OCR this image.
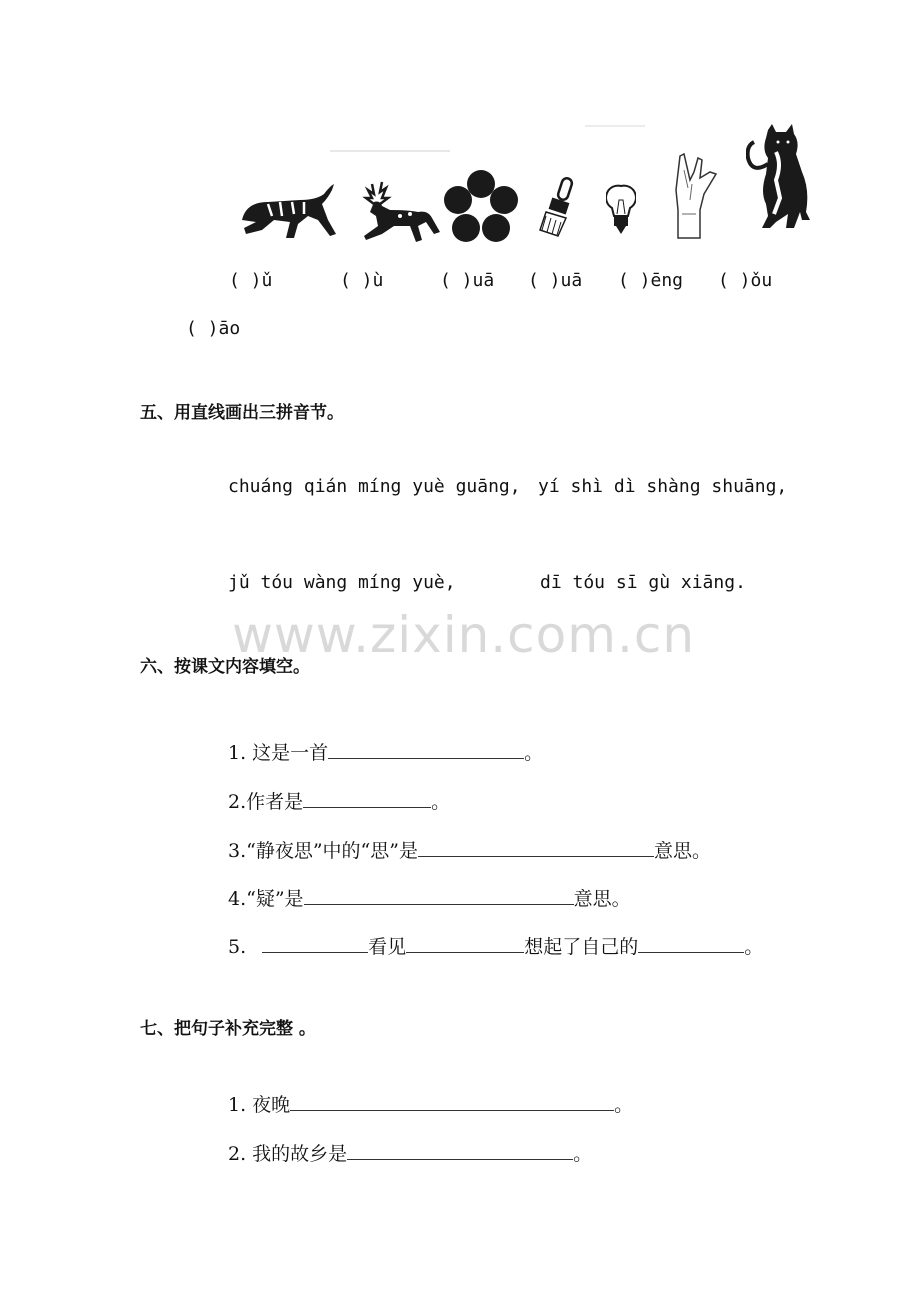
( )ǔ	( )ù	( )uā ( )uā ( )ēng ( )ǒu
( )āo
五、用直线画出三拼音节。
chuáng qián míng yuè guāng, yí shì dì shàng shuāng,
jǔ tóu wàng míng yuè,	dī tóu sī gù xiāng.
www.zixin.com.cn
六、按课文内容填空。
1. 这是一首	。
2.作者是	。
3.“静夜思”中的“思”是	意思。
4.“疑”是	意思。
5.	看见	想起了自己的	。
七、把句子补充完整 。
1. 夜晚	。
2. 我的故乡是	。
